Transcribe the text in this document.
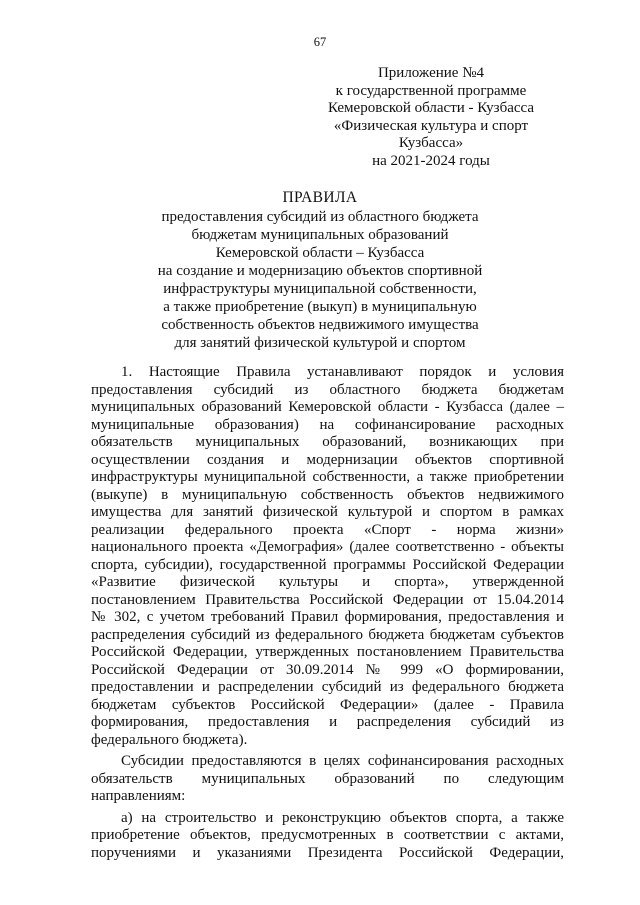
67
Приложение №4
к государственной программе
Кемеровской области - Кузбасса
«Физическая культура и спорт
Кузбасса»
на 2021-2024 годы
ПРАВИЛА
предоставления субсидий из областного бюджета
бюджетам муниципальных образований
Кемеровской области – Кузбасса
на создание и модернизацию объектов спортивной
инфраструктуры муниципальной собственности,
а также приобретение (выкуп) в муниципальную
собственность объектов недвижимого имущества
для занятий физической культурой и спортом
1. Настоящие Правила устанавливают порядок и условия
предоставления субсидий из областного бюджета бюджетам
муниципальных образований Кемеровской области - Кузбасса (далее –
муниципальные образования) на софинансирование расходных
обязательств муниципальных образований, возникающих при
осуществлении создания и модернизации объектов спортивной
инфраструктуры муниципальной собственности, а также приобретении
(выкупе) в муниципальную собственность объектов недвижимого
имущества для занятий физической культурой и спортом в рамках
реализации федерального проекта «Спорт - норма жизни»
национального проекта «Демография» (далее соответственно - объекты
спорта, субсидии), государственной программы Российской Федерации
«Развитие физической культуры и спорта», утвержденной
постановлением Правительства Российской Федерации от 15.04.2014
№ 302, с учетом требований Правил формирования, предоставления и
распределения субсидий из федерального бюджета бюджетам субъектов
Российской Федерации, утвержденных постановлением Правительства
Российской Федерации от 30.09.2014 № 999 «О формировании,
предоставлении и распределении субсидий из федерального бюджета
бюджетам субъектов Российской Федерации» (далее - Правила
формирования, предоставления и распределения субсидий из
федерального бюджета).
Субсидии предоставляются в целях софинансирования расходных
обязательств муниципальных образований по следующим
направлениям:
а) на строительство и реконструкцию объектов спорта, а также
приобретение объектов, предусмотренных в соответствии с актами,
поручениями и указаниями Президента Российской Федерации,
